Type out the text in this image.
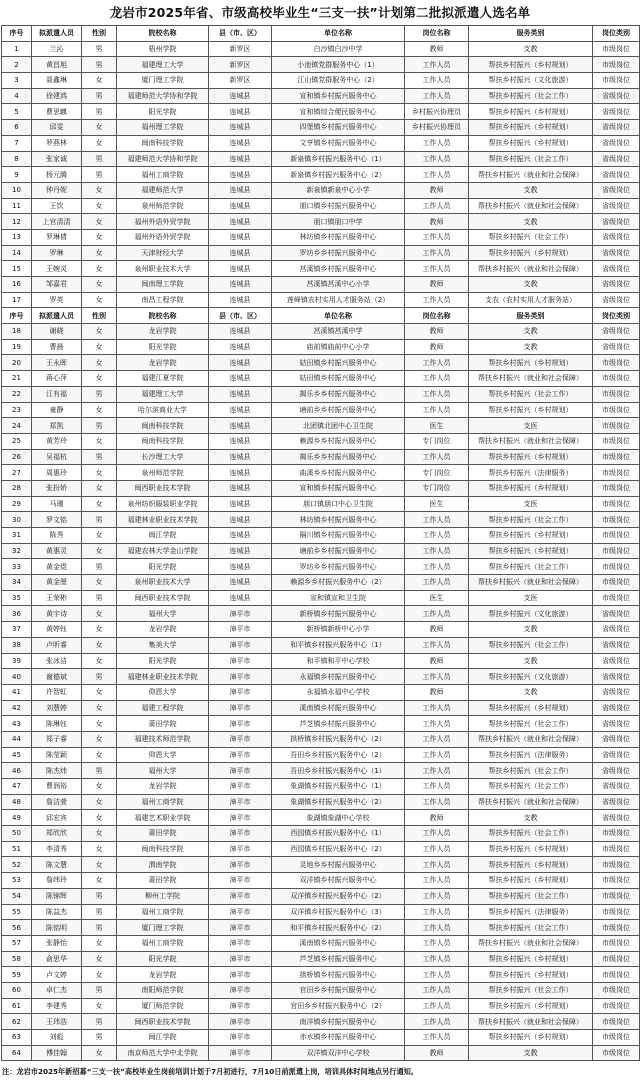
龙岩市2025年省、市级高校毕业生“三支一扶”计划第二批拟派遣人选名单
序号	拟派遣人员	性别	院校名称	县（市、区）	单位名称	岗位名称	服务类别	岗位类别
1	兰沁	男	梧州学院	新罗区	白沙镇白沙中学	教师	支教	市级岗位
2	黄昌旭	男	福建理工大学	新罗区	小池镇党群服务中心（1）	工作人员	帮扶乡村振兴（乡村规划）	市级岗位
3	聂鑫琳	女	厦门理工学院	新罗区	江山镇党群服务中心（2）	工作人员	帮扶乡村振兴（文化旅游）	市级岗位
4	徐建鸿	男	福建师范大学协和学院	连城县	宣和镇乡村振兴服务中心	工作人员	帮扶乡村振兴（社会工作）	省级岗位
5	曹思麒	男	阳光学院	连城县	宣和镇综合便民服务中心	乡村振兴协理员	帮扶乡村振兴（乡村规划）	省级岗位
6	邱雯	女	福州理工学院	连城县	四堡镇乡村振兴服务中心	乡村振兴协理员	帮扶乡村振兴（乡村规划）	省级岗位
7	罗燕林	女	闽南科技学院	连城县	文亨镇乡村振兴服务中心	工作人员	帮扶乡村振兴（乡村规划）	省级岗位
8	张家诚	男	福建师范大学协和学院	连城县	新泉镇乡村振兴服务中心（1）	工作人员	帮扶乡村振兴（社会工作）	省级岗位
9	杨元腾	男	福州工商学院	连城县	新泉镇乡村振兴服务中心（2）	工作人员	帮扶乡村振兴（就业和社会保障）	省级岗位
10	钟丹妮	女	福建师范大学	连城县	新泉镇新泉中心小学	教师	支教	省级岗位
11	王饮	女	泉州师范学院	连城县	朋口镇乡村振兴服务中心	工作人员	帮扶乡村振兴（就业和社会保障）	省级岗位
12	上官清清	女	福州外语外贸学院	连城县	朋口镇朋口中学	教师	支教	省级岗位
13	罗琳倩	女	福州外语外贸学院	连城县	林坊镇乡村振兴服务中心	工作人员	帮扶乡村振兴（社会工作）	省级岗位
14	罗琳	女	天津财经大学	连城县	罗坊乡乡村振兴服务中心	工作人员	帮扶乡村振兴（乡村规划）	省级岗位
15	王婉灵	女	泉州职业技术大学	连城县	莒溪镇乡村振兴服务中心	工作人员	帮扶乡村振兴（就业和社会保障）	省级岗位
16	邹嘉君	女	闽南理工学院	连城县	莒溪镇莒溪中心小学	教师	支教	省级岗位
17	罗英	女	南昌工程学院	连城县	莲峰镇农村实用人才服务站（2）	工作人员	支农（农村实用人才服务站）	省级岗位
序号	拟派遣人员	性别	院校名称	县（市、区）	单位名称	岗位名称	服务类别	岗位类别
18	谢晓	女	龙岩学院	连城县	莒溪镇莒溪中学	教师	支教	省级岗位
19	曹晨	女	阳光学院	连城县	庙前镇庙前中心小学	教师	支教	省级岗位
20	王永晖	女	龙岩学院	连城县	姑田镇乡村振兴服务中心	工作人员	帮扶乡村振兴（乡村规划）	市级岗位
21	蒋心萍	女	福建江夏学院	连城县	姑田镇乡村振兴服务中心	工作人员	帮扶乡村振兴（就业和社会保障）	市级岗位
22	江有福	男	福建理工大学	连城县	揭乐乡乡村振兴服务中心	工作人员	帮扶乡村振兴（社会工作）	市级岗位
23	童静	女	哈尔滨商业大学	连城县	塘前乡乡村振兴服务中心	工作人员	帮扶乡村振兴（乡村规划）	市级岗位
24	郑凯	男	闽南科技学院	连城县	北团镇北团中心卫生院	医生	支医	市级岗位
25	黄芳玲	女	闽南科技学院	连城县	赖源乡乡村振兴服务中心	专门岗位	帮扶乡村振兴（就业和社会保障）	市级岗位
26	吴福杭	男	长沙理工大学	连城县	揭乐乡乡村振兴服务中心	工作人员	帮扶乡村振兴（乡村规划）	市级岗位
27	周惠玲	女	泉州师范学院	连城县	曲溪乡乡村振兴服务中心	专门岗位	帮扶乡村振兴（法律服务）	市级岗位
28	张扮娇	女	闽西职业技术学院	连城县	宣和镇乡村振兴服务中心	专门岗位	帮扶乡村振兴（乡村规划）	市级岗位
29	马瑾	女	泉州纺织服装职业学院	连城县	朋口镇朋口中心卫生院	医生	支医	市级岗位
30	罗文铭	男	福建林业职业技术学院	连城县	林坊镇乡村振兴服务中心	工作人员	帮扶乡村振兴（社会工作）	市级岗位
31	陈秀	女	闽江学院	连城县	隔川镇乡村振兴服务中心	工作人员	帮扶乡村振兴（乡村规划）	市级岗位
32	黄惠灵	女	福建农林大学金山学院	连城县	塘前乡乡村振兴服务中心	工作人员	帮扶乡村振兴（乡村规划）	市级岗位
33	黄金煜	男	阳光学院	连城县	罗坊乡乡村振兴服务中心	工作人员	帮扶乡村振兴（社会工作）	市级岗位
34	黄金厘	女	泉州职业技术大学	连城县	赖源乡乡村振兴服务中心（2）	工作人员	帮扶乡村振兴（就业和社会保障）	市级岗位
35	王荣彬	男	闽西职业技术学院	连城县	宣和镇宣和卫生院	医生	支医	市级岗位
36	黄宇诗	女	福州大学	漳平市	新桥镇乡村振兴服务中心	工作人员	帮扶乡村振兴（文化旅游）	省级岗位
37	黄婷钰	女	龙岩学院	漳平市	新桥镇新桥中心小学	教师	支教	省级岗位
38	卢昕睿	女	集美大学	漳平市	和平镇乡村振兴服务中心（1）	工作人员	帮扶乡村振兴（社会工作）	省级岗位
39	张冰洁	女	阳光学院	漳平市	和平镇和平中心学校	教师	支教	省级岗位
40	谢德斌	男	福建林业职业技术学院	漳平市	永福镇乡村振兴服务中心	工作人员	帮扶乡村振兴（文化旅游）	省级岗位
41	许智虹	女	仰恩大学	漳平市	永福镇永福中心学校	教师	支教	省级岗位
42	刘慧婷	女	福建工程学院	漳平市	溪南镇乡村振兴服务中心	工作人员	帮扶乡村振兴（乡村规划）	省级岗位
43	陈琳钰	女	莆田学院	漳平市	芦芝镇乡村振兴服务中心	工作人员	帮扶乡村振兴（社会工作）	省级岗位
44	郑子睿	女	福建技术师范学院	漳平市	拱桥镇乡村振兴服务中心（2）	工作人员	帮扶乡村振兴（就业和社会保障）	省级岗位
45	陈莹颖	女	仰恩大学	漳平市	吾田乡乡村振兴服务中心（2）	工作人员	帮扶乡村振兴（法律服务）	省级岗位
46	陈杰炜	男	福州大学	漳平市	吾田乡乡村振兴服务中心（1）	工作人员	帮扶乡村振兴（社会工作）	省级岗位
47	曹润裕	女	龙岩学院	漳平市	象湖镇乡村振兴服务中心（1）	工作人员	帮扶乡村振兴（社会工作）	省级岗位
48	詹洁萱	女	福州工商学院	漳平市	象湖镇乡村振兴服务中心（2）	工作人员	帮扶乡村振兴（就业和社会保障）	省级岗位
49	邱宏宾	女	福建艺术职业学院	漳平市	象湖镇象湖中心学校	教师	支教	省级岗位
50	郑欣欣	女	莆田学院	漳平市	西园镇乡村振兴服务中心（1）	工作人员	帮扶乡村振兴（社会工作）	市级岗位
51	李清秀	女	闽南科技学院	漳平市	西园镇乡村振兴服务中心（2）	工作人员	帮扶乡村振兴（乡村规划）	市级岗位
52	陈文慧	女	渭南学院	漳平市	灵地乡乡村振兴服务中心	工作人员	帮扶乡村振兴（乡村规划）	市级岗位
53	詹纬玲	女	莆田学院	漳平市	双洋镇乡村振兴服务中心	工作人员	帮扶乡村振兴（乡村规划）	市级岗位
54	陈锦辉	男	柳州工学院	漳平市	双洋镇乡村振兴服务中心（2）	工作人员	帮扶乡村振兴（社会工作）	市级岗位
55	陈益杰	男	福州工商学院	漳平市	双洋镇乡村振兴服务中心（3）	工作人员	帮扶乡村振兴（法律服务）	市级岗位
56	陈铭明	男	厦门理工学院	漳平市	和平镇乡村振兴服务中心（2）	工作人员	帮扶乡村振兴（社会工作）	市级岗位
57	张静怡	女	福州工商学院	漳平市	溪南镇乡村振兴服务中心	工作人员	帮扶乡村振兴（就业和社会保障）	市级岗位
58	俞思华	女	阳光学院	漳平市	芦芝镇乡村振兴服务中心	工作人员	帮扶乡村振兴（乡村规划）	市级岗位
59	卢文婷	女	龙岩学院	漳平市	拱桥镇乡村振兴服务中心	工作人员	帮扶乡村振兴（乡村规划）	市级岗位
60	卓仁杰	男	南阳师范学院	漳平市	官田乡乡村振兴服务中心	工作人员	帮扶乡村振兴（社会工作）	市级岗位
61	李建秀	女	厦门师范学院	漳平市	官田乡乡村振兴服务中心（2）	工作人员	帮扶乡村振兴（乡村规划）	市级岗位
62	王玮浩	男	闽西职业技术学院	漳平市	南洋镇乡村振兴服务中心	工作人员	帮扶乡村振兴（就业和社会保障）	市级岗位
63	刘彪	男	闽江学院	漳平市	赤水镇乡村振兴服务中心	工作人员	帮扶乡村振兴（乡村规划）	市级岗位
64	傅佳翰	女	南京师范大学中北学院	漳平市	双洋镇双洋中心学校	教师	支教	市级岗位
注：龙岩市2025年新招募“三支一扶”高校毕业生岗前培训计划于7月初进行，7月10日前派遣上岗，培训具体时间地点另行通知。
